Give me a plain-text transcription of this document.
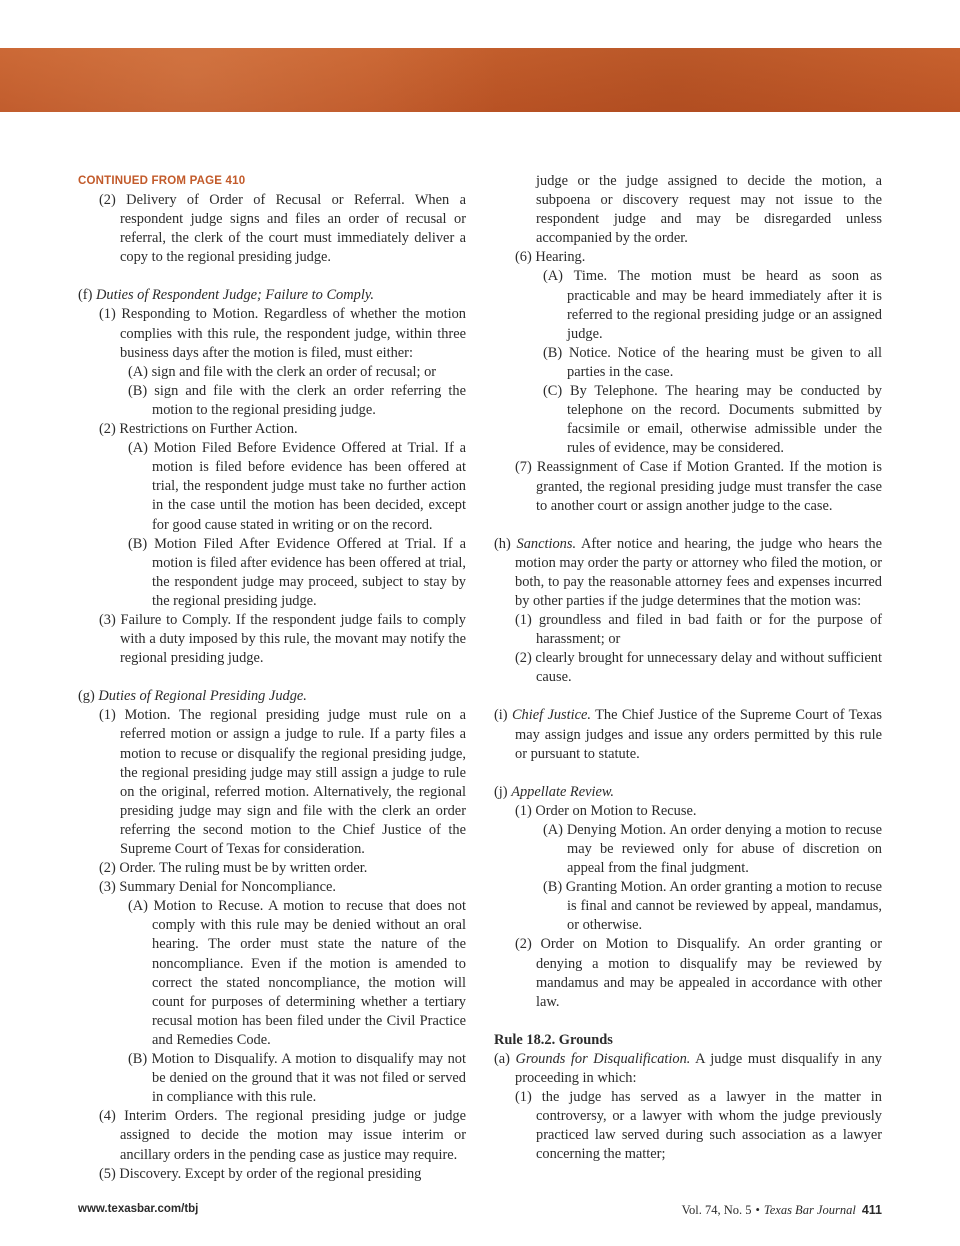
CONTINUED FROM PAGE 410

(2) Delivery of Order of Recusal or Referral. When a respondent judge signs and files an order of recusal or referral, the clerk of the court must immediately deliver a copy to the regional presiding judge.

(f) Duties of Respondent Judge; Failure to Comply.

(1) Responding to Motion. Regardless of whether the motion complies with this rule, the respondent judge, within three business days after the motion is filed, must either:

(A) sign and file with the clerk an order of recusal; or

(B) sign and file with the clerk an order referring the motion to the regional presiding judge.

(2) Restrictions on Further Action.

(A) Motion Filed Before Evidence Offered at Trial. If a motion is filed before evidence has been offered at trial, the respondent judge must take no further action in the case until the motion has been decided, except for good cause stated in writing or on the record.

(B) Motion Filed After Evidence Offered at Trial. If a motion is filed after evidence has been offered at trial, the respondent judge may proceed, subject to stay by the regional presiding judge.

(3) Failure to Comply. If the respondent judge fails to comply with a duty imposed by this rule, the movant may notify the regional presiding judge.

(g) Duties of Regional Presiding Judge.

(1) Motion. The regional presiding judge must rule on a referred motion or assign a judge to rule. If a party files a motion to recuse or disqualify the regional presiding judge, the regional presiding judge may still assign a judge to rule on the original, referred motion. Alternatively, the regional presiding judge may sign and file with the clerk an order referring the second motion to the Chief Justice of the Supreme Court of Texas for consideration.

(2) Order. The ruling must be by written order.

(3) Summary Denial for Noncompliance.

(A) Motion to Recuse. A motion to recuse that does not comply with this rule may be denied without an oral hearing. The order must state the nature of the noncompliance. Even if the motion is amended to correct the stated noncompliance, the motion will count for purposes of determining whether a tertiary recusal motion has been filed under the Civil Practice and Remedies Code.

(B) Motion to Disqualify. A motion to disqualify may not be denied on the ground that it was not filed or served in compliance with this rule.

(4) Interim Orders. The regional presiding judge or judge assigned to decide the motion may issue interim or ancillary orders in the pending case as justice may require.

(5) Discovery. Except by order of the regional presiding

judge or the judge assigned to decide the motion, a subpoena or discovery request may not issue to the respondent judge and may be disregarded unless accompanied by the order.

(6) Hearing.

(A) Time. The motion must be heard as soon as practicable and may be heard immediately after it is referred to the regional presiding judge or an assigned judge.

(B) Notice. Notice of the hearing must be given to all parties in the case.

(C) By Telephone. The hearing may be conducted by telephone on the record. Documents submitted by facsimile or email, otherwise admissible under the rules of evidence, may be considered.

(7) Reassignment of Case if Motion Granted. If the motion is granted, the regional presiding judge must transfer the case to another court or assign another judge to the case.

(h) Sanctions. After notice and hearing, the judge who hears the motion may order the party or attorney who filed the motion, or both, to pay the reasonable attorney fees and expenses incurred by other parties if the judge determines that the motion was:

(1) groundless and filed in bad faith or for the purpose of harassment; or

(2) clearly brought for unnecessary delay and without sufficient cause.

(i) Chief Justice. The Chief Justice of the Supreme Court of Texas may assign judges and issue any orders permitted by this rule or pursuant to statute.

(j) Appellate Review.

(1) Order on Motion to Recuse.

(A) Denying Motion. An order denying a motion to recuse may be reviewed only for abuse of discretion on appeal from the final judgment.

(B) Granting Motion. An order granting a motion to recuse is final and cannot be reviewed by appeal, mandamus, or otherwise.

(2) Order on Motion to Disqualify. An order granting or denying a motion to disqualify may be reviewed by mandamus and may be appealed in accordance with other law.

Rule 18.2. Grounds

(a) Grounds for Disqualification. A judge must disqualify in any proceeding in which:

(1) the judge has served as a lawyer in the matter in controversy, or a lawyer with whom the judge previously practiced law served during such association as a lawyer concerning the matter;

www.texasbar.com/tbj	Vol. 74, No. 5 • Texas Bar Journal 411
